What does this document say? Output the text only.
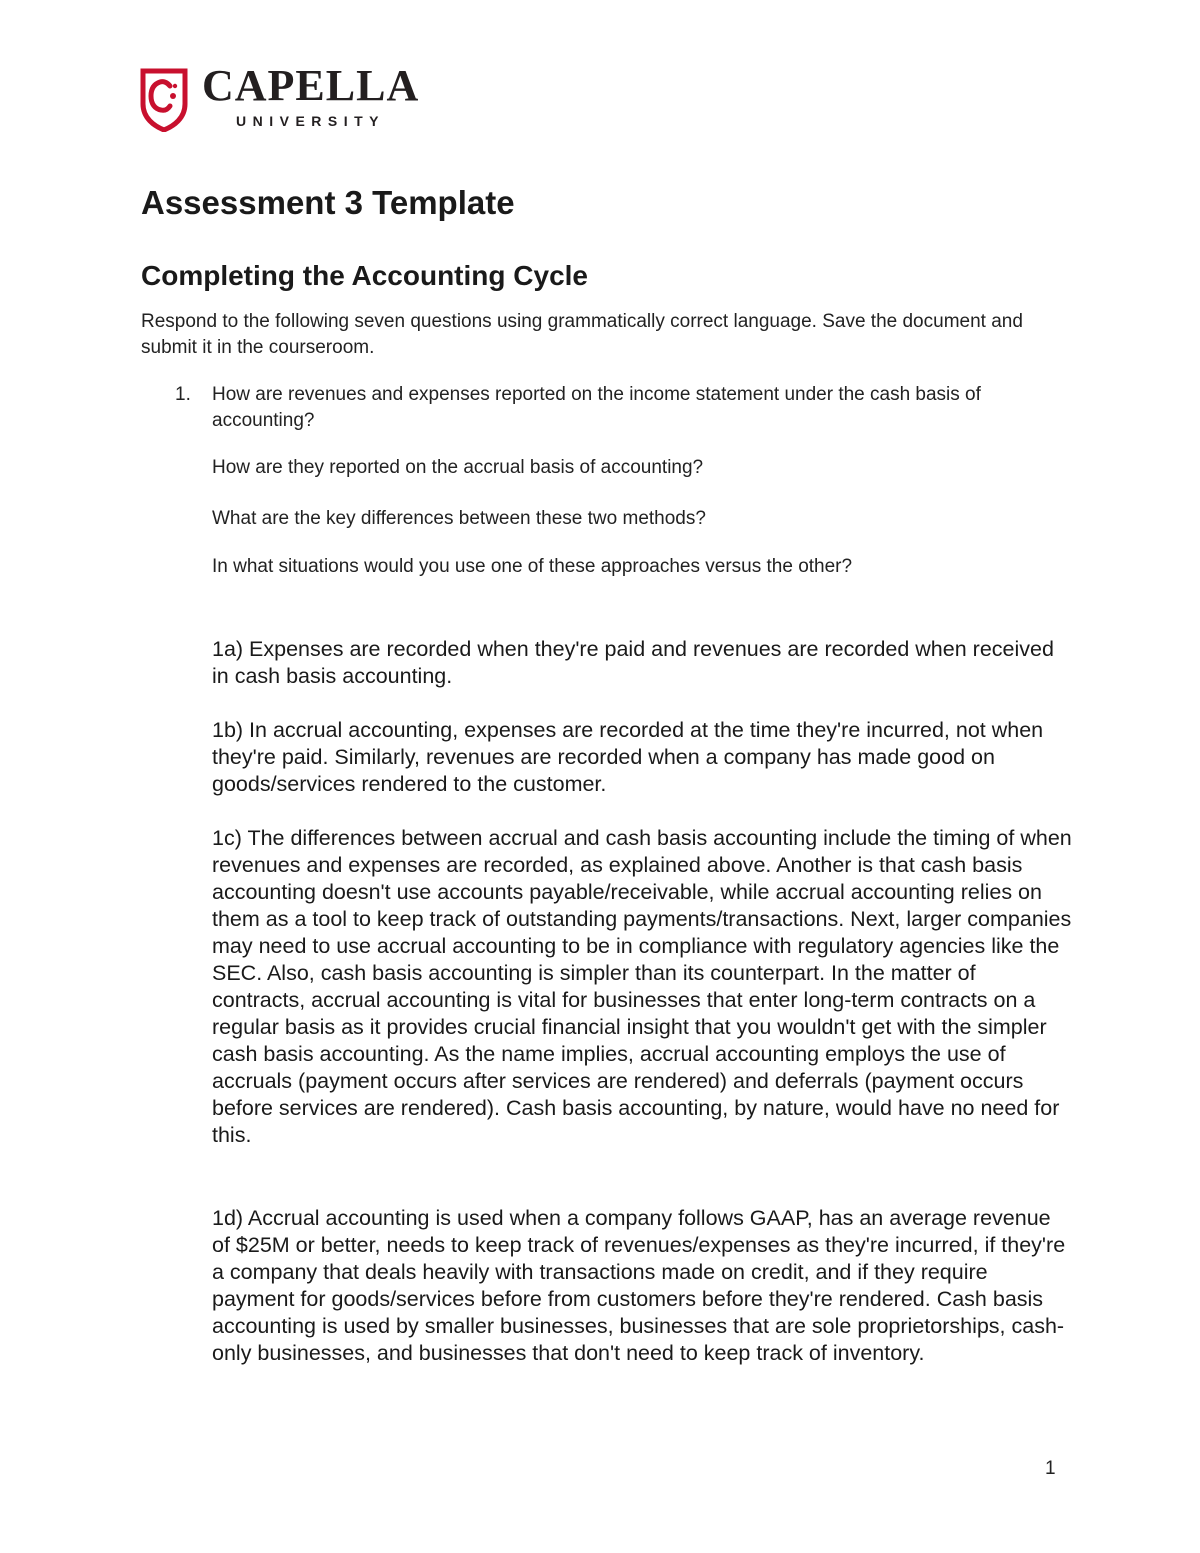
CAPELLA
UNIVERSITY
Assessment 3 Template
Completing the Accounting Cycle

Respond to the following seven questions using grammatically correct language. Save the document and submit it in the courseroom.

1. How are revenues and expenses reported on the income statement under the cash basis of accounting?

How are they reported on the accrual basis of accounting?

What are the key differences between these two methods?

In what situations would you use one of these approaches versus the other?

1a) Expenses are recorded when they're paid and revenues are recorded when received in cash basis accounting.

1b) In accrual accounting, expenses are recorded at the time they're incurred, not when they're paid. Similarly, revenues are recorded when a company has made good on goods/services rendered to the customer.

1c) The differences between accrual and cash basis accounting include the timing of when revenues and expenses are recorded, as explained above. Another is that cash basis accounting doesn't use accounts payable/receivable, while accrual accounting relies on them as a tool to keep track of outstanding payments/transactions. Next, larger companies may need to use accrual accounting to be in compliance with regulatory agencies like the SEC. Also, cash basis accounting is simpler than its counterpart. In the matter of contracts, accrual accounting is vital for businesses that enter long-term contracts on a regular basis as it provides crucial financial insight that you wouldn't get with the simpler cash basis accounting. As the name implies, accrual accounting employs the use of accruals (payment occurs after services are rendered) and deferrals (payment occurs before services are rendered). Cash basis accounting, by nature, would have no need for this.

1d) Accrual accounting is used when a company follows GAAP, has an average revenue of $25M or better, needs to keep track of revenues/expenses as they're incurred, if they're a company that deals heavily with transactions made on credit, and if they require payment for goods/services before from customers before they're rendered. Cash basis accounting is used by smaller businesses, businesses that are sole proprietorships, cash-only businesses, and businesses that don't need to keep track of inventory.

1
